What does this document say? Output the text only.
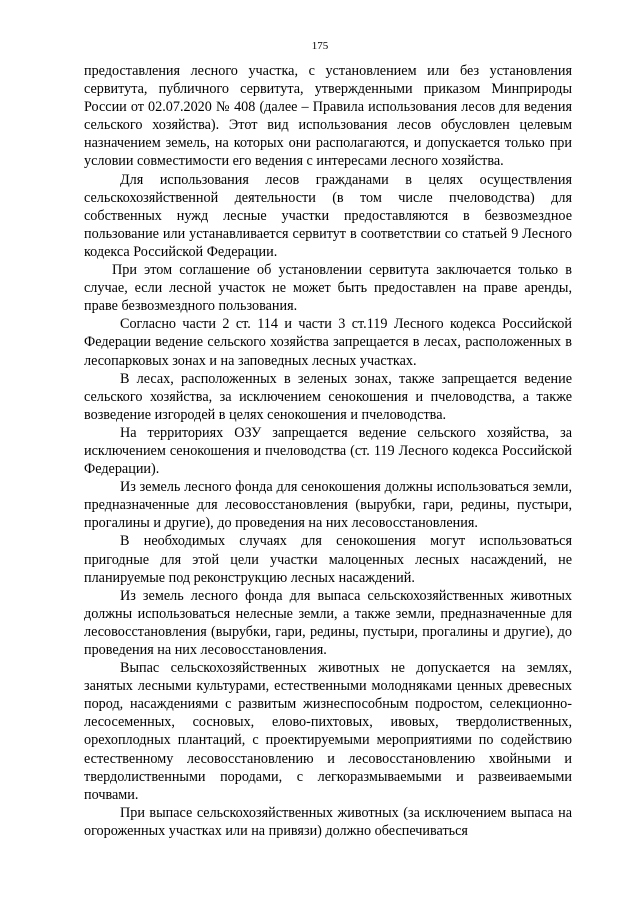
175

предоставления лесного участка, с установлением или без установления сервитута, публичного сервитута, утвержденными приказом Минприроды России от 02.07.2020 № 408 (далее – Правила использования лесов для ведения сельского хозяйства). Этот вид использования лесов обусловлен целевым назначением земель, на которых они располагаются, и допускается только при условии совместимости его ведения с интересами лесного хозяйства.

Для использования лесов гражданами в целях осуществления сельскохозяйственной деятельности (в том числе пчеловодства) для собственных нужд лесные участки предоставляются в безвозмездное пользование или устанавливается сервитут в соответствии со статьей 9 Лесного кодекса Российской Федерации.

При этом соглашение об установлении сервитута заключается только в случае, если лесной участок не может быть предоставлен на праве аренды, праве безвозмездного пользования.

Согласно части 2 ст. 114 и части 3 ст.119 Лесного кодекса Российской Федерации ведение сельского хозяйства запрещается в лесах, расположенных в лесопарковых зонах и на заповедных лесных участках.

В лесах, расположенных в зеленых зонах, также запрещается ведение сельского хозяйства, за исключением сенокошения и пчеловодства, а также возведение изгородей в целях сенокошения и пчеловодства.

На территориях ОЗУ запрещается ведение сельского хозяйства, за исключением сенокошения и пчеловодства (ст. 119 Лесного кодекса Российской Федерации).

Из земель лесного фонда для сенокошения должны использоваться земли, предназначенные для лесовосстановления (вырубки, гари, редины, пустыри, прогалины и другие), до проведения на них лесовосстановления.

В необходимых случаях для сенокошения могут использоваться пригодные для этой цели участки малоценных лесных насаждений, не планируемые под реконструкцию лесных насаждений.

Из земель лесного фонда для выпаса сельскохозяйственных животных должны использоваться нелесные земли, а также земли, предназначенные для лесовосстановления (вырубки, гари, редины, пустыри, прогалины и другие), до проведения на них лесовосстановления.

Выпас сельскохозяйственных животных не допускается на землях, занятых лесными культурами, естественными молодняками ценных древесных пород, насаждениями с развитым жизнеспособным подростом, селекционно-лесосеменных, сосновых, елово-пихтовых, ивовых, твердолиственных, орехоплодных плантаций, с проектируемыми мероприятиями по содействию естественному лесовосстановлению и лесовосстановлению хвойными и твердолиственными породами, с легкоразмываемыми и развеиваемыми почвами.

При выпасе сельскохозяйственных животных (за исключением выпаса на огороженных участках или на привязи) должно обеспечиваться
